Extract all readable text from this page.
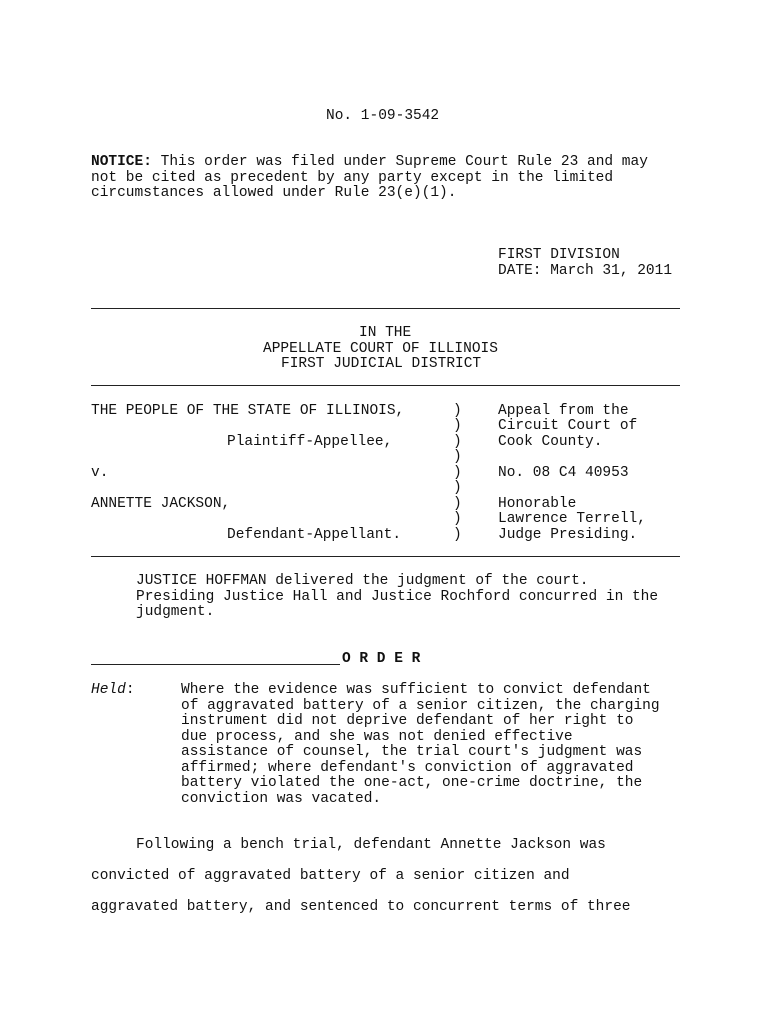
No. 1-09-3542
NOTICE: This order was filed under Supreme Court Rule 23 and may
not be cited as precedent by any party except in the limited
circumstances allowed under Rule 23(e)(1).
FIRST DIVISION
DATE: March 31, 2011
IN THE
APPELLATE COURT OF ILLINOIS
FIRST JUDICIAL DISTRICT
THE PEOPLE OF THE STATE OF ILLINOIS,
Plaintiff-Appellee,
v.
ANNETTE JACKSON,
Defendant-Appellant.
)
)
)
)
)
)
)
)
)
Appeal from the
Circuit Court of
Cook County.
No. 08 C4 40953
Honorable
Lawrence Terrell,
Judge Presiding.
JUSTICE HOFFMAN delivered the judgment of the court.
Presiding Justice Hall and Justice Rochford concurred in the
judgment.
O R D E R
Held:	Where the evidence was sufficient to convict defendant
of aggravated battery of a senior citizen, the charging
instrument did not deprive defendant of her right to
due process, and she was not denied effective
assistance of counsel, the trial court's judgment was
affirmed; where defendant's conviction of aggravated
battery violated the one-act, one-crime doctrine, the
conviction was vacated.
Following a bench trial, defendant Annette Jackson was
convicted of aggravated battery of a senior citizen and
aggravated battery, and sentenced to concurrent terms of three
